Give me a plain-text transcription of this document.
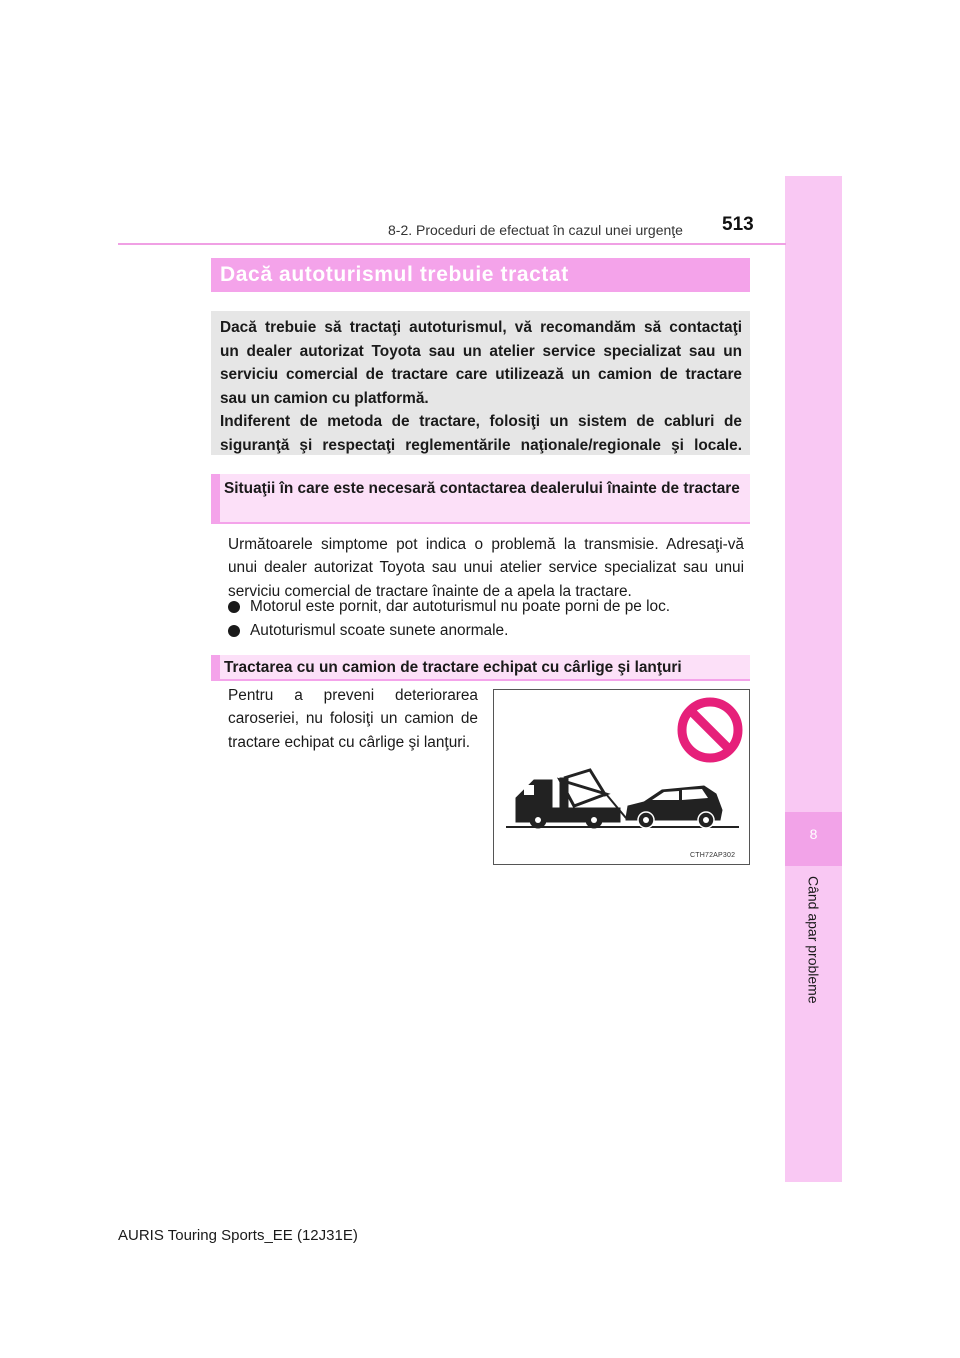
8
Când apar probleme
8-2. Proceduri de efectuat în cazul unei urgenţe 513
Dacă autoturismul trebuie tractat
Dacă trebuie să tractaţi autoturismul, vă recomandăm să contactaţi
un dealer autorizat Toyota sau un atelier service specializat sau un
serviciu comercial de tractare care utilizează un camion de tractare
sau un camion cu platformă.
Indiferent de metoda de tractare, folosiţi un sistem de cabluri de
siguranţă şi respectaţi reglementările naţionale/regionale şi locale.
Situaţii în care este necesară contactarea dealerului înainte de tractare
Următoarele simptome pot indica o problemă la transmisie. Adresaţi-vă unui dealer autorizat Toyota sau unui atelier service specializat sau unui serviciu comercial de tractare înainte de a apela la tractare.
Motorul este pornit, dar autoturismul nu poate porni de pe loc.
Autoturismul scoate sunete anormale.
Tractarea cu un camion de tractare echipat cu cârlige şi lanţuri
Pentru a preveni deteriorarea caroseriei, nu folosiţi un camion de tractare echipat cu cârlige şi lanţuri.
CTH72AP302
AURIS Touring Sports_EE (12J31E)
